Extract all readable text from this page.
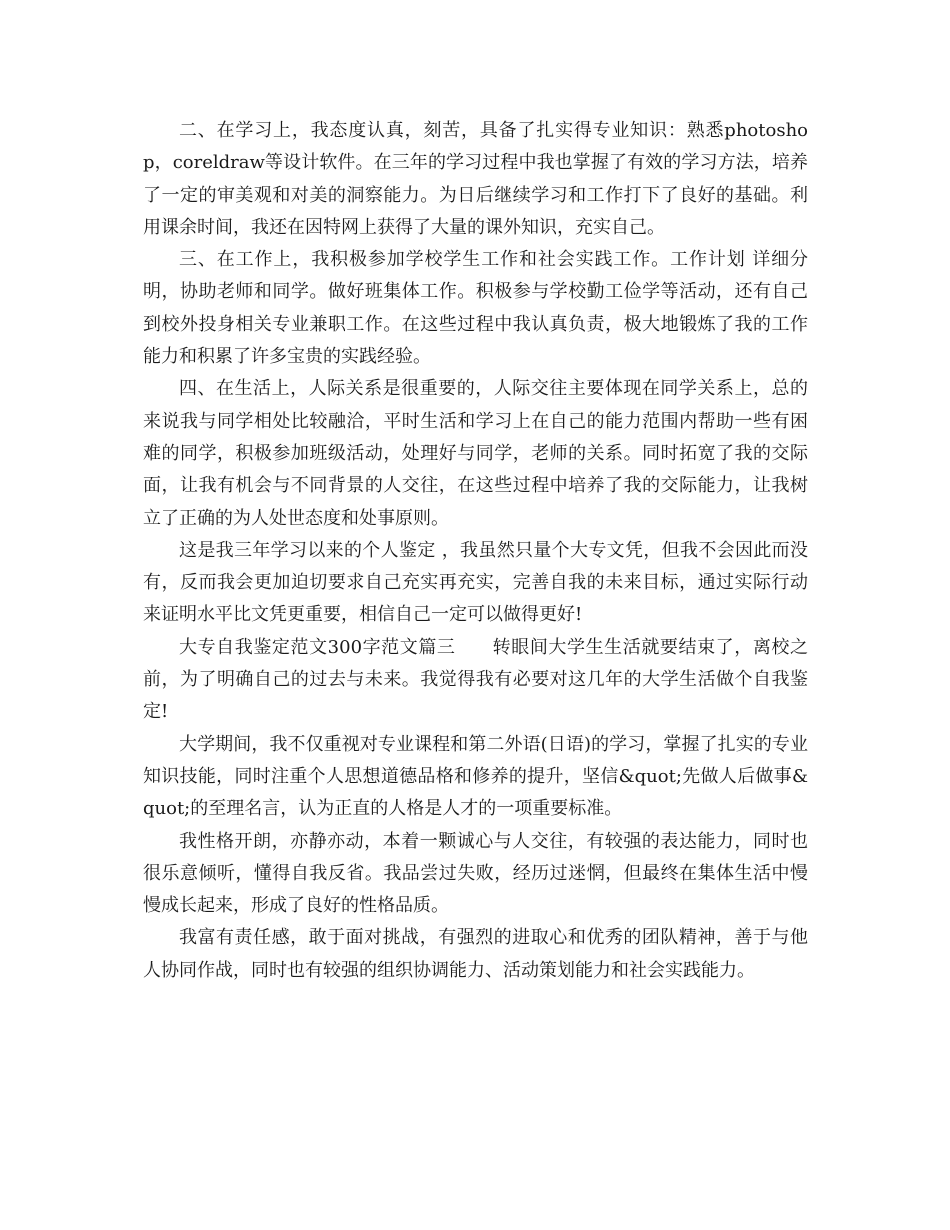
二、在学习上，我态度认真，刻苦，具备了扎实得专业知识：熟悉photoshop，coreldraw等设计软件。在三年的学习过程中我也掌握了有效的学习方法，培养了一定的审美观和对美的洞察能力。为日后继续学习和工作打下了良好的基础。利用课余时间，我还在因特网上获得了大量的课外知识，充实自己。

三、在工作上，我积极参加学校学生工作和社会实践工作。工作计划 详细分明，协助老师和同学。做好班集体工作。积极参与学校勤工俭学等活动，还有自己到校外投身相关专业兼职工作。在这些过程中我认真负责，极大地锻炼了我的工作能力和积累了许多宝贵的实践经验。

四、在生活上，人际关系是很重要的，人际交往主要体现在同学关系上，总的来说我与同学相处比较融洽，平时生活和学习上在自己的能力范围内帮助一些有困难的同学，积极参加班级活动，处理好与同学，老师的关系。同时拓宽了我的交际面，让我有机会与不同背景的人交往，在这些过程中培养了我的交际能力，让我树立了正确的为人处世态度和处事原则。

这是我三年学习以来的个人鉴定 ，我虽然只量个大专文凭，但我不会因此而没有，反而我会更加迫切要求自己充实再充实，完善自我的未来目标，通过实际行动来证明水平比文凭更重要，相信自己一定可以做得更好!

大专自我鉴定范文300字范文篇三　　转眼间大学生生活就要结束了，离校之前，为了明确自己的过去与未来。我觉得我有必要对这几年的大学生活做个自我鉴定!

大学期间，我不仅重视对专业课程和第二外语(日语)的学习，掌握了扎实的专业知识技能，同时注重个人思想道德品格和修养的提升，坚信&quot;先做人后做事&quot;的至理名言，认为正直的人格是人才的一项重要标准。

我性格开朗，亦静亦动，本着一颗诚心与人交往，有较强的表达能力，同时也很乐意倾听，懂得自我反省。我品尝过失败，经历过迷惘，但最终在集体生活中慢慢成长起来，形成了良好的性格品质。

我富有责任感，敢于面对挑战，有强烈的进取心和优秀的团队精神，善于与他人协同作战，同时也有较强的组织协调能力、活动策划能力和社会实践能力。
